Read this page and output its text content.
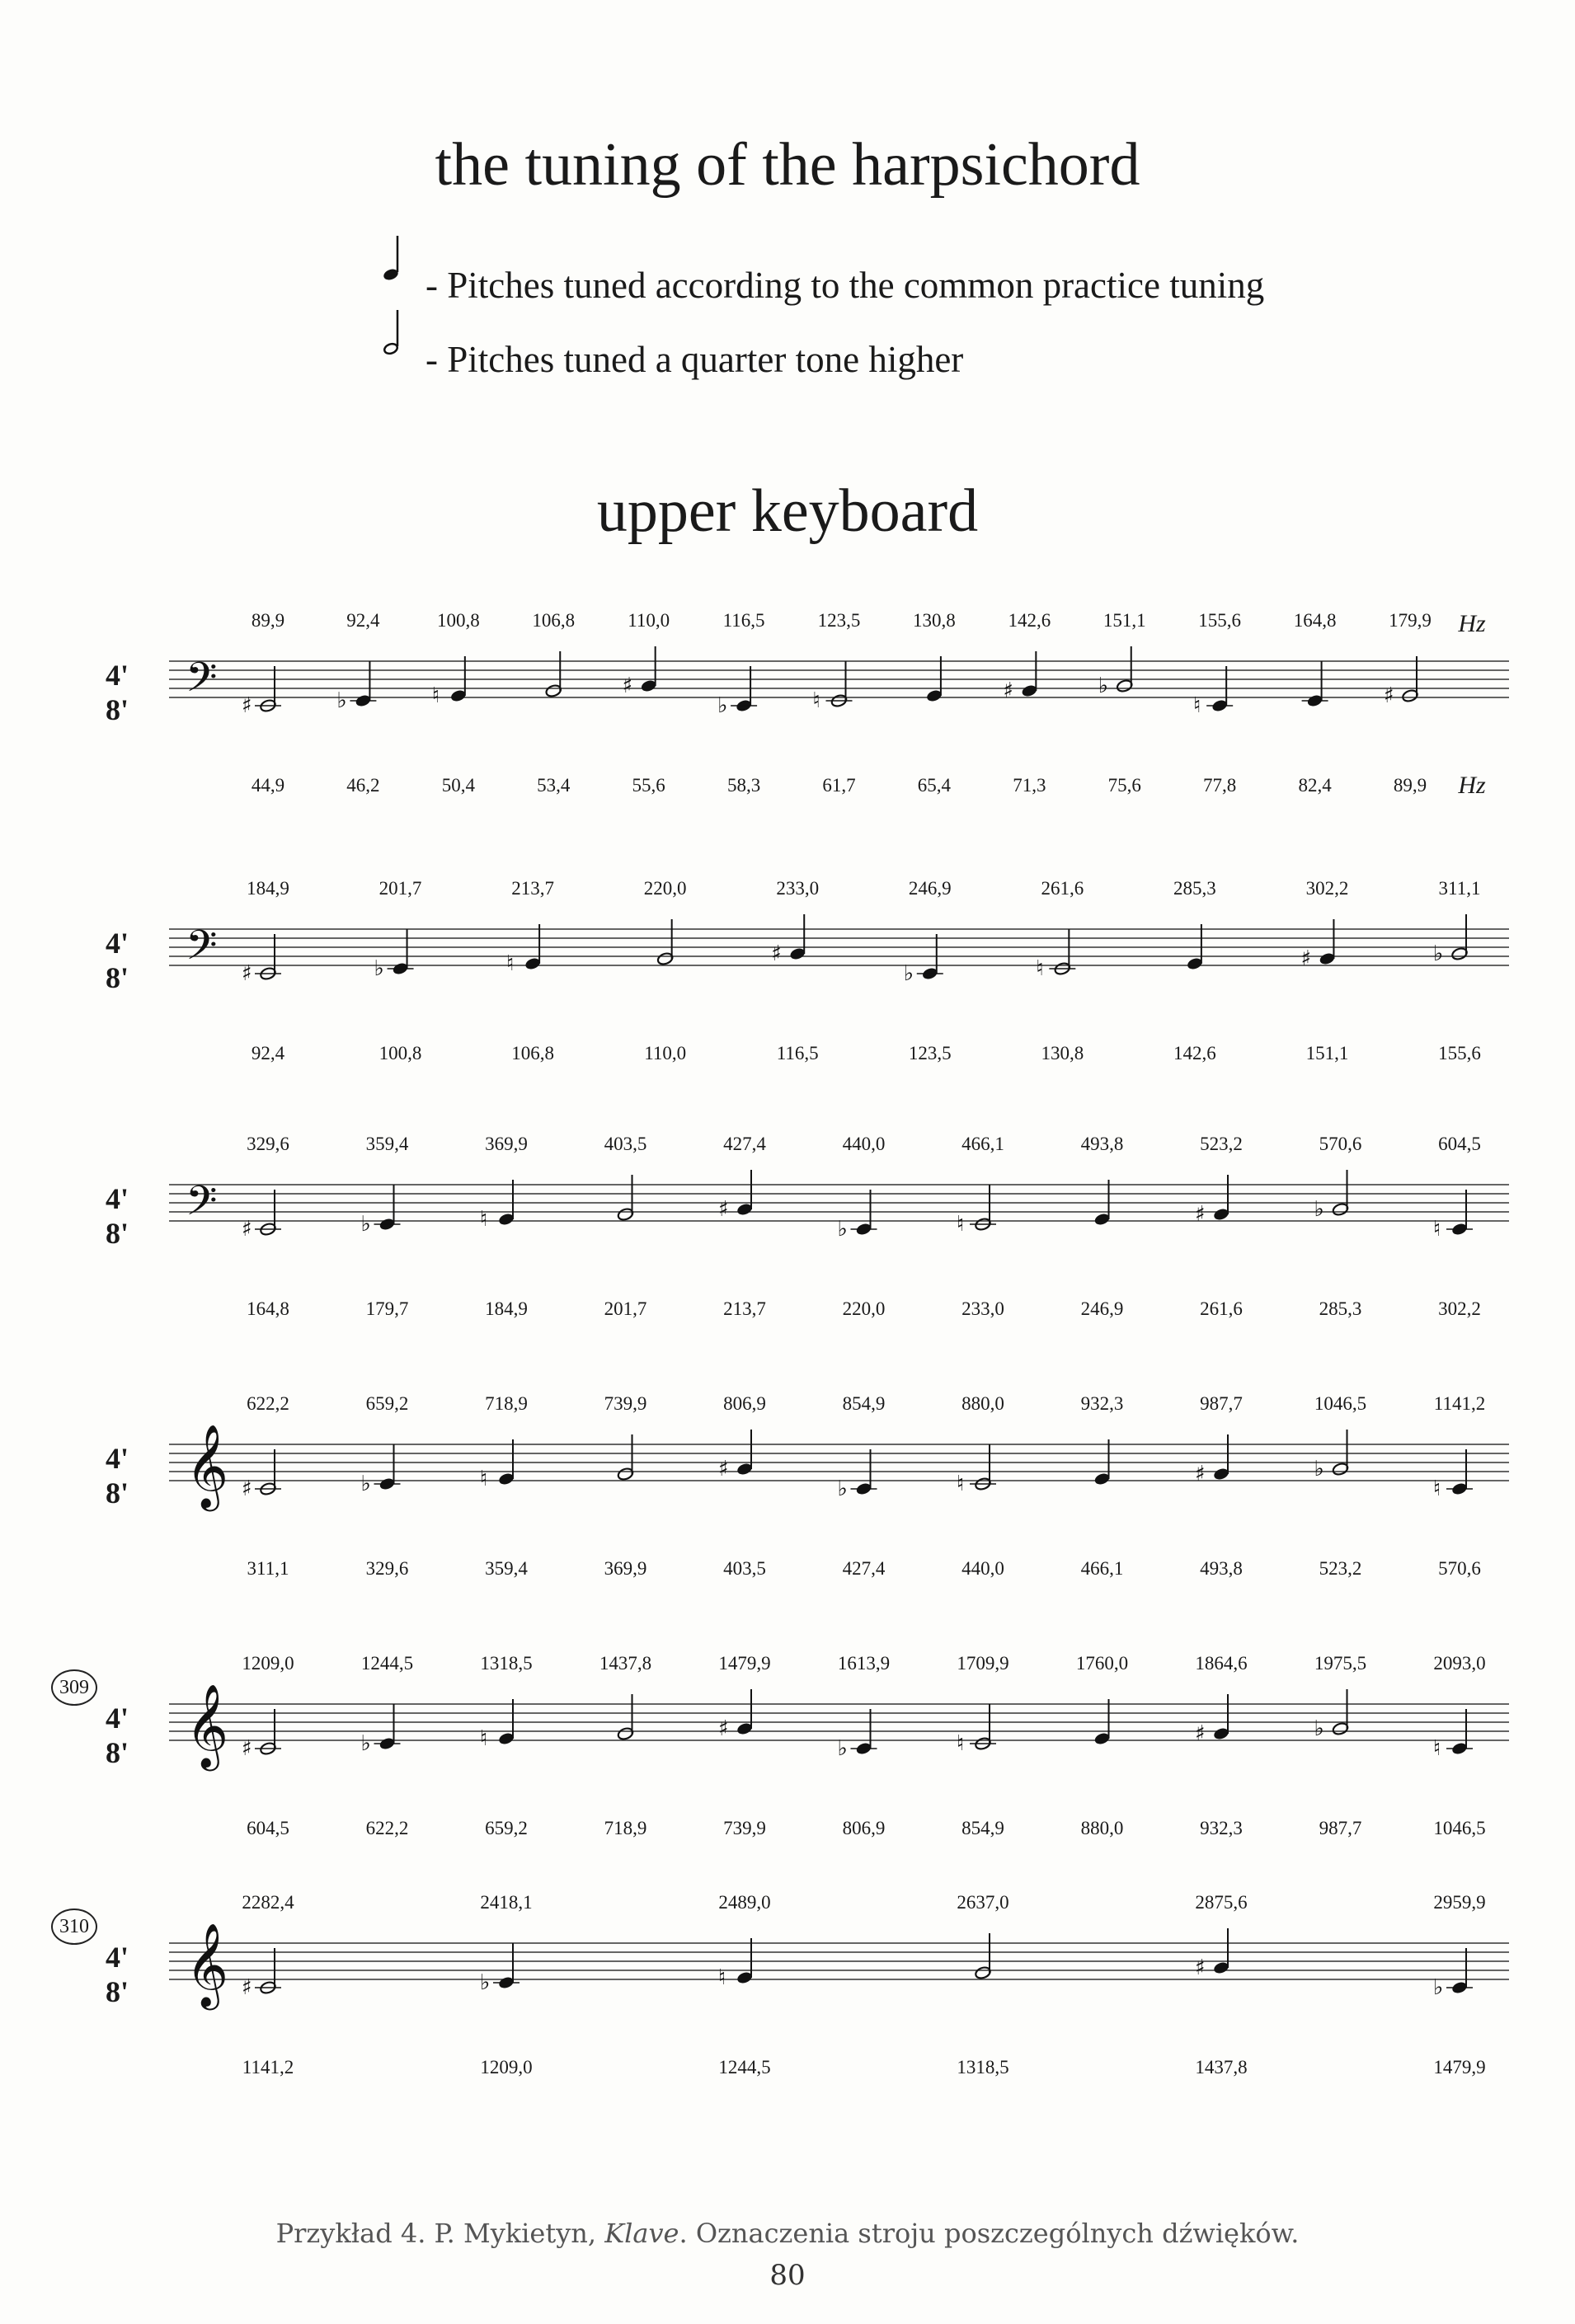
the tuning of the harpsichord
- Pitches tuned according to the common practice tuning
- Pitches tuned a quarter tone higher
upper keyboard
89,9	92,4	100,8	106,8	110,0	116,5	123,5	130,8	142,6	151,1	155,6	164,8	179,9
44,9	46,2	50,4	53,4	55,6	58,3	61,7	65,4	71,3	75,6	77,8	82,4	89,9
Hz
Hz
4'
8' 𝄢 ♯	♭	♮	♯
♭	♮	♯	♭
♮	♯
184,9	201,7	213,7	220,0	233,0	246,9	261,6	285,3	302,2	311,1
92,4	100,8	106,8	110,0	116,5	123,5	130,8	142,6	151,1	155,6
4'
8' 𝄢 ♯	♭	♮	♯
♭	♮	♯	♭
329,6	359,4	369,9	403,5	427,4	440,0	466,1	493,8	523,2	570,6	604,5
164,8	179,7	184,9	201,7	213,7	220,0	233,0	246,9	261,6	285,3	302,2
4'
8' 𝄢 ♯	♭	♮	♯
♭	♮	♯	♭
♮
622,2	659,2	718,9	739,9	806,9	854,9	880,0	932,3	987,7	1046,5	1141,2
311,1	329,6	359,4	369,9	403,5	427,4	440,0	466,1	493,8	523,2	570,6
4'
8' 𝄞 ♯	♭	♮	♯
♭	♮	♯	♭
♮
1209,0	1244,5	1318,5	1437,8	1479,9	1613,9	1709,9	1760,0	1864,6	1975,5	2093,0
604,5	622,2	659,2	718,9	739,9	806,9	854,9	880,0	932,3	987,7	1046,5
4'
8'
309 𝄞 ♯	♭	♮	♯
♭	♮	♯	♭
♮
2282,4	2418,1	2489,0	2637,0	2875,6	2959,9
1141,2	1209,0	1244,5	1318,5	1437,8	1479,9
4'
8'
310 𝄞 ♯	♭	♮	♯
♭
Przykład 4. P. Mykietyn, Klave. Oznaczenia stroju poszczególnych dźwięków.
80
